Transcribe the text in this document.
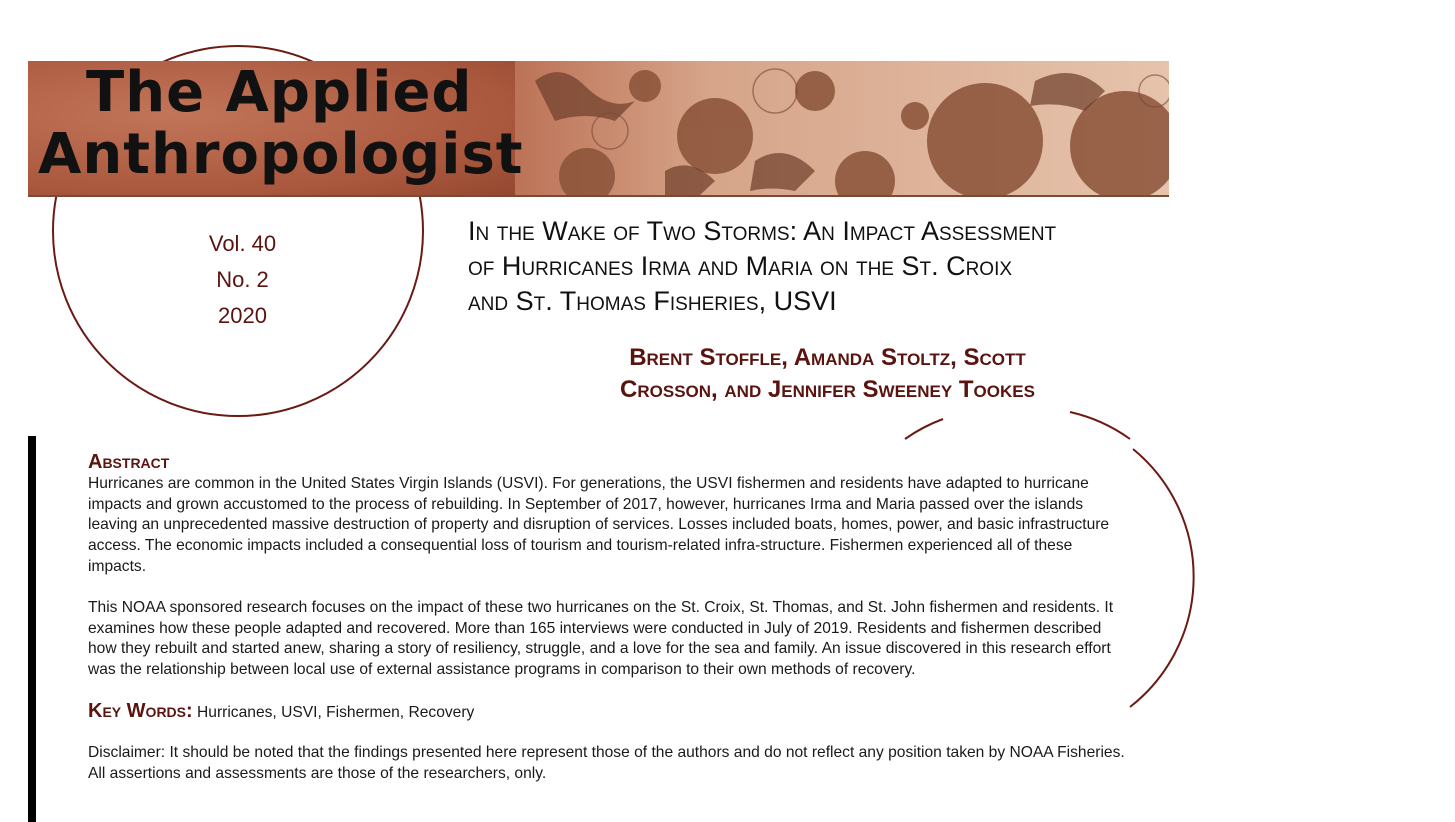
The Applied
Anthropologist
Vol. 40
No. 2
2020
In the Wake of Two Storms: An Impact Assessment
of Hurricanes Irma and Maria on the St. Croix
and St. Thomas Fisheries, USVI
Brent Stoffle, Amanda Stoltz, Scott
Crosson, and Jennifer Sweeney Tookes
Abstract

Hurricanes are common in the United States Virgin Islands (USVI). For generations, the USVI fishermen and residents have adapted to hurricane impacts and grown accustomed to the process of rebuilding. In September of 2017, however, hurricanes Irma and Maria passed over the islands leaving an unprecedented massive destruction of property and disruption of services. Losses included boats, homes, power, and basic infrastructure access. The economic impacts included a consequential loss of tourism and tourism-related infra-structure. Fishermen experienced all of these impacts.

This NOAA sponsored research focuses on the impact of these two hurricanes on the St. Croix, St. Thomas, and St. John fishermen and residents. It examines how these people adapted and recovered. More than 165 interviews were conducted in July of 2019. Residents and fishermen described how they rebuilt and started anew, sharing a story of resiliency, struggle, and a love for the sea and family. An issue discovered in this research effort was the relationship between local use of external assistance programs in comparison to their own methods of recovery.

Key Words: Hurricanes, USVI, Fishermen, Recovery

Disclaimer: It should be noted that the findings presented here represent those of the authors and do not reflect any position taken by NOAA Fisheries. All assertions and assessments are those of the researchers, only.
